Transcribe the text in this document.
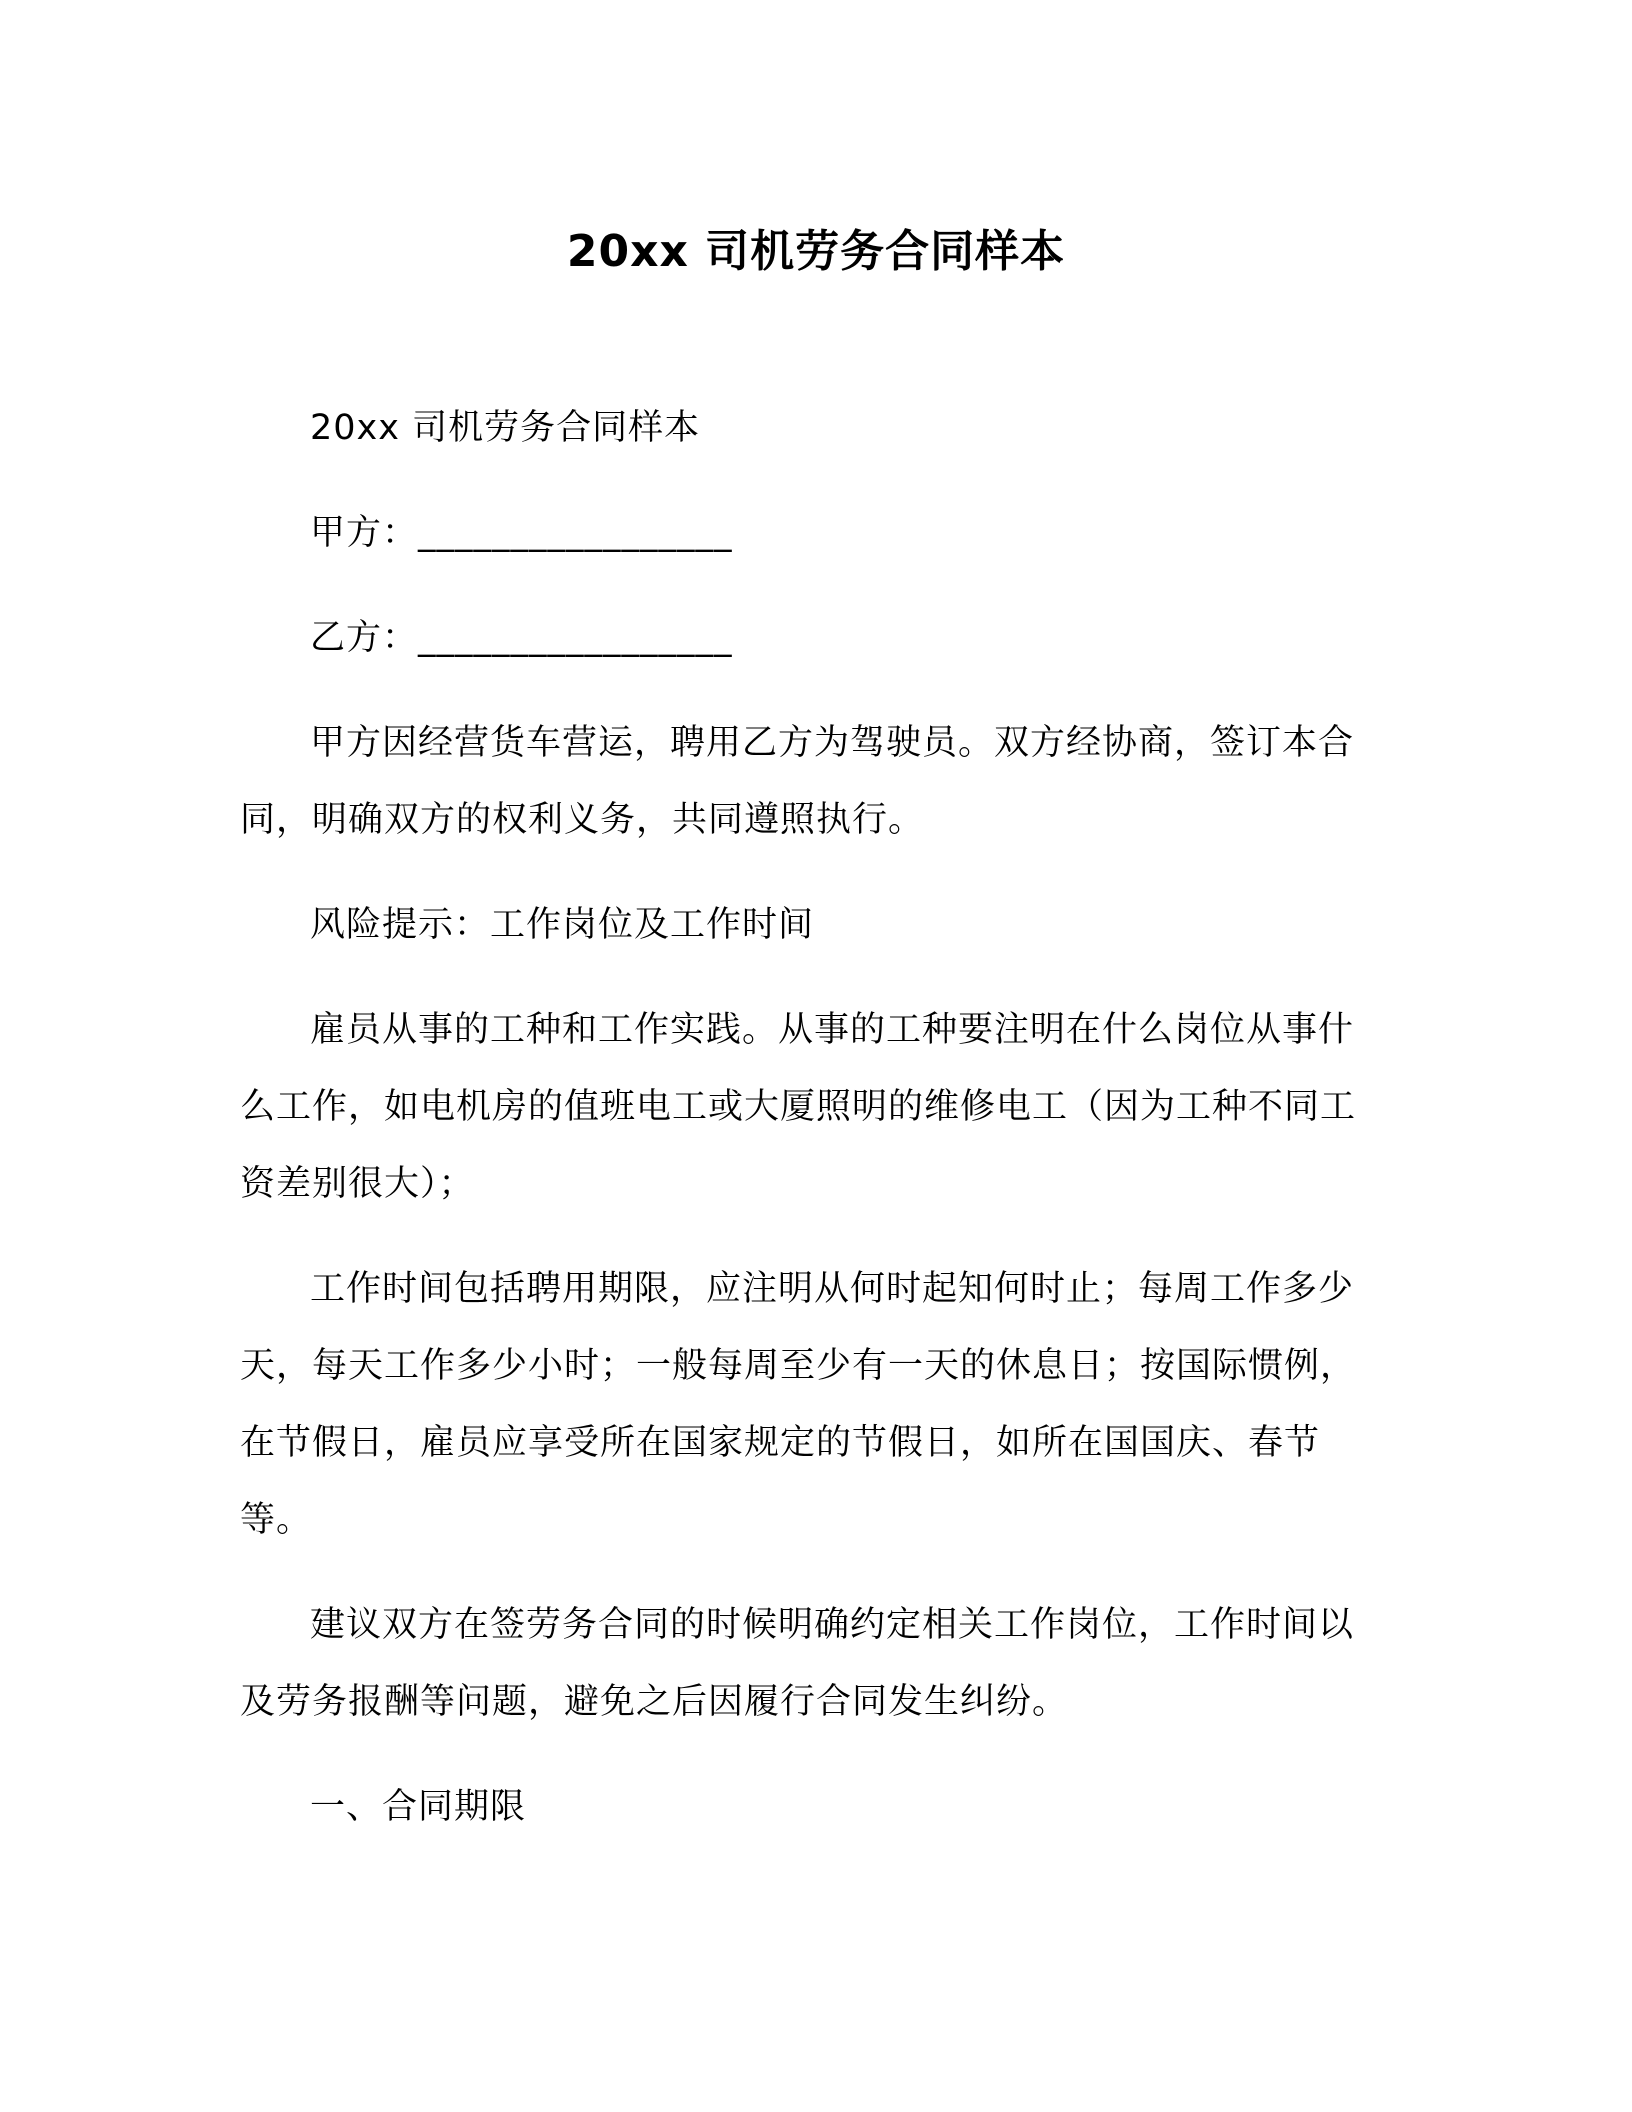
20xx 司机劳务合同样本

20xx 司机劳务合同样本

甲方：_________________

乙方：_________________

甲方因经营货车营运，聘用乙方为驾驶员。双方经协商，签订本合同，明确双方的权利义务，共同遵照执行。

风险提示：工作岗位及工作时间

雇员从事的工种和工作实践。从事的工种要注明在什么岗位从事什么工作，如电机房的值班电工或大厦照明的维修电工（因为工种不同工资差别很大）；

工作时间包括聘用期限，应注明从何时起知何时止；每周工作多少天，每天工作多少小时；一般每周至少有一天的休息日；按国际惯例，在节假日，雇员应享受所在国家规定的节假日，如所在国国庆、春节等。

建议双方在签劳务合同的时候明确约定相关工作岗位，工作时间以及劳务报酬等问题，避免之后因履行合同发生纠纷。

一、合同期限
